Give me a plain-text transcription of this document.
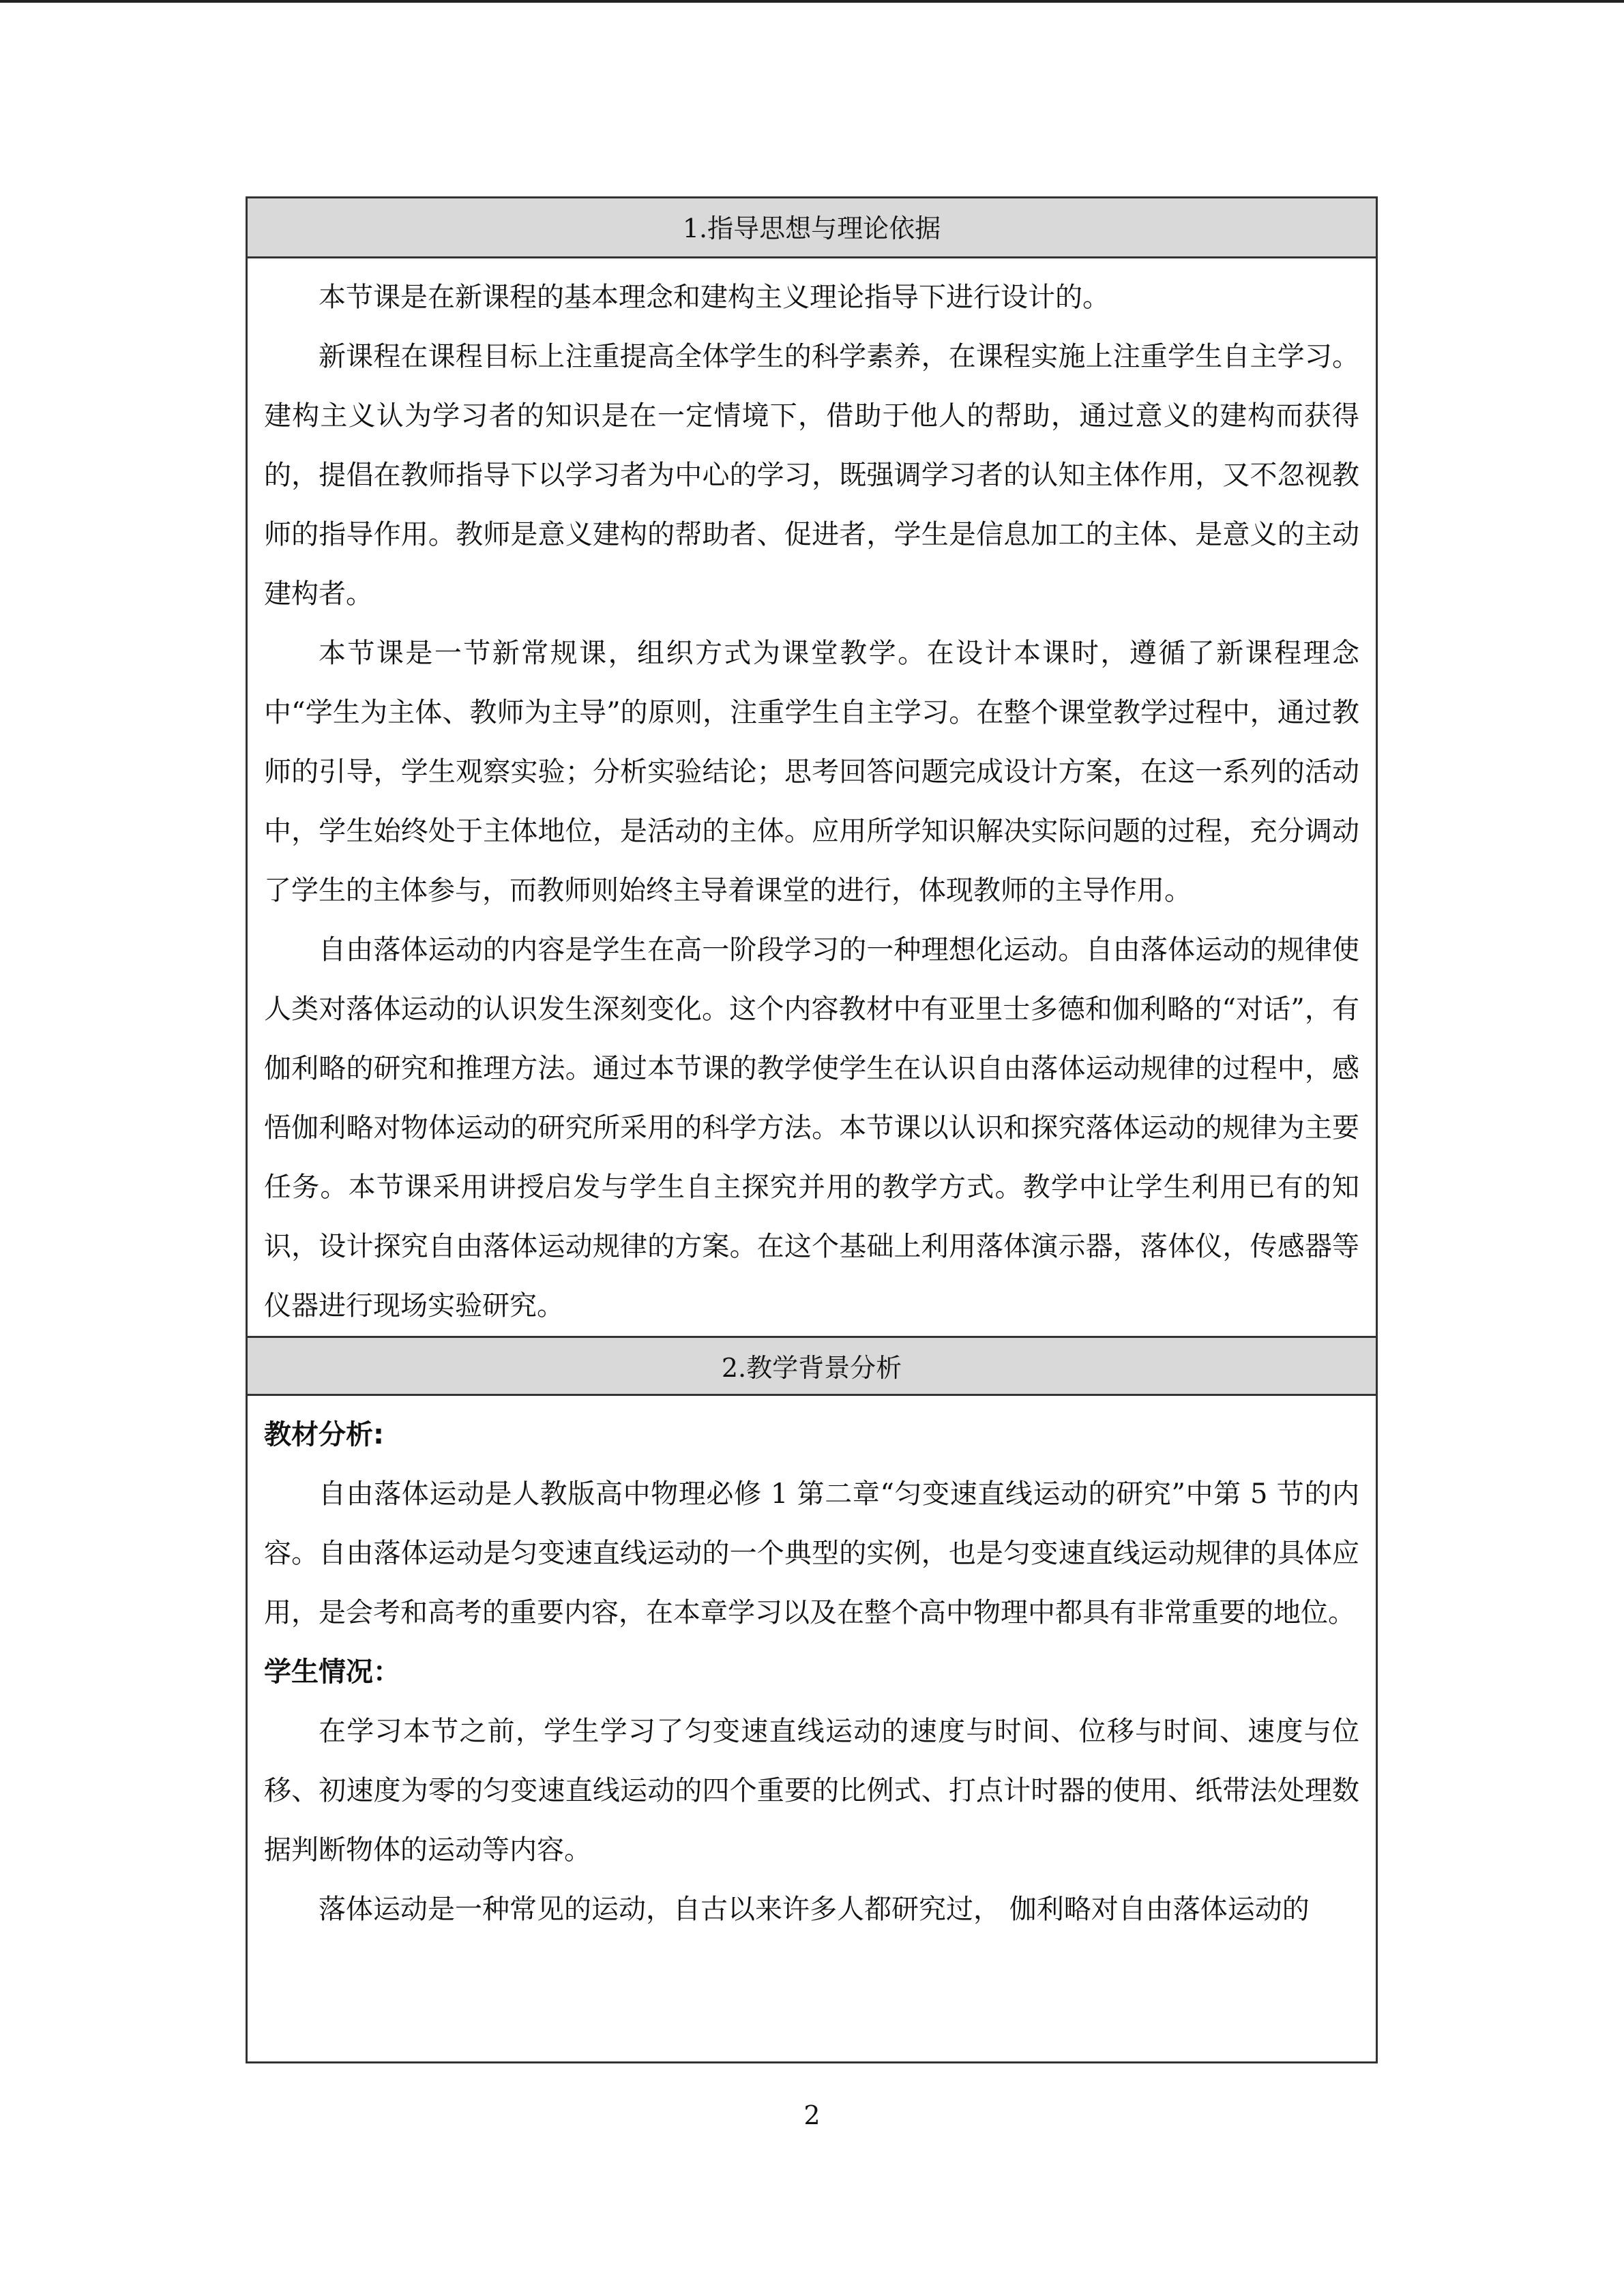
1.指导思想与理论依据

本节课是在新课程的基本理念和建构主义理论指导下进行设计的。

新课程在课程目标上注重提高全体学生的科学素养，在课程实施上注重学生自主学习。建构主义认为学习者的知识是在一定情境下，借助于他人的帮助，通过意义的建构而获得的，提倡在教师指导下以学习者为中心的学习，既强调学习者的认知主体作用，又不忽视教师的指导作用。教师是意义建构的帮助者、促进者，学生是信息加工的主体、是意义的主动建构者。

本节课是一节新常规课，组织方式为课堂教学。在设计本课时，遵循了新课程理念中“学生为主体、教师为主导”的原则，注重学生自主学习。在整个课堂教学过程中，通过教师的引导，学生观察实验；分析实验结论；思考回答问题完成设计方案，在这一系列的活动中，学生始终处于主体地位，是活动的主体。应用所学知识解决实际问题的过程，充分调动了学生的主体参与，而教师则始终主导着课堂的进行，体现教师的主导作用。

自由落体运动的内容是学生在高一阶段学习的一种理想化运动。自由落体运动的规律使人类对落体运动的认识发生深刻变化。这个内容教材中有亚里士多德和伽利略的“对话”，有伽利略的研究和推理方法。通过本节课的教学使学生在认识自由落体运动规律的过程中，感悟伽利略对物体运动的研究所采用的科学方法。本节课以认识和探究落体运动的规律为主要任务。本节课采用讲授启发与学生自主探究并用的教学方式。教学中让学生利用已有的知识，设计探究自由落体运动规律的方案。在这个基础上利用落体演示器，落体仪，传感器等仪器进行现场实验研究。

2.教学背景分析

教材分析:

自由落体运动是人教版高中物理必修 1 第二章“匀变速直线运动的研究”中第 5 节的内容。自由落体运动是匀变速直线运动的一个典型的实例，也是匀变速直线运动规律的具体应用，是会考和高考的重要内容，在本章学习以及在整个高中物理中都具有非常重要的地位。

学生情况：

在学习本节之前，学生学习了匀变速直线运动的速度与时间、位移与时间、速度与位移、初速度为零的匀变速直线运动的四个重要的比例式、打点计时器的使用、纸带法处理数据判断物体的运动等内容。

落体运动是一种常见的运动，自古以来许多人都研究过， 伽利略对自由落体运动的

2
